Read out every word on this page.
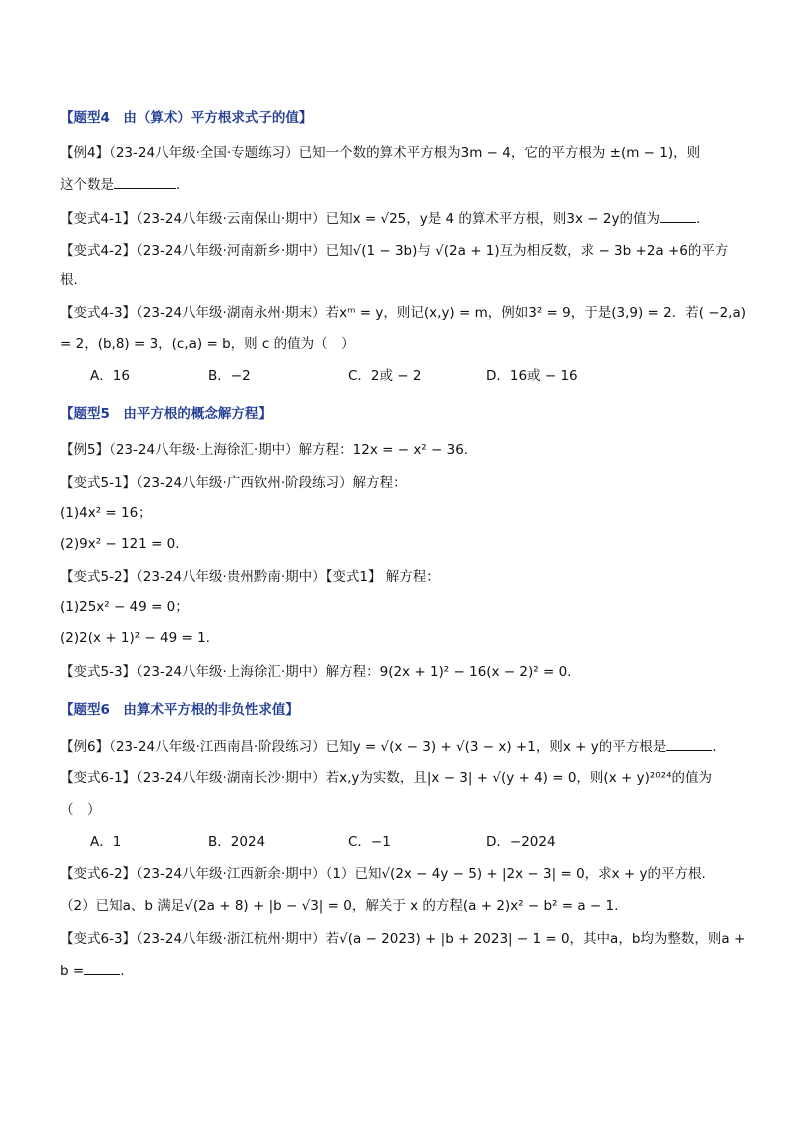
【题型4　由（算术）平方根求式子的值】
【例4】（23-24八年级·全国·专题练习）已知一个数的算术平方根为3m − 4，它的平方根为 ±(m − 1)，则
这个数是	.
【变式4-1】（23-24八年级·云南保山·期中）已知x = √25，y是 4 的算术平方根，则3x − 2y的值为	.
【变式4-2】（23-24八年级·河南新乡·期中）已知√(1 − 3b)与 √(2a + 1)互为相反数，求 − 3b +2a +6的平方
根.
【变式4-3】（23-24八年级·湖南永州·期末）若xᵐ = y，则记(x,y) = m，例如3² = 9，于是(3,9) = 2．若( −2,a)
= 2，(b,8) = 3，(c,a) = b，则 c 的值为（　）
A．16	B．−2	C．2或 − 2	D．16或 − 16
【题型5　由平方根的概念解方程】
【例5】（23-24八年级·上海徐汇·期中）解方程：12x = − x² − 36.
【变式5-1】（23-24八年级·广西钦州·阶段练习）解方程：
(1)4x² = 16；
(2)9x² − 121 = 0.
【变式5-2】（23-24八年级·贵州黔南·期中）【变式1】 解方程：
(1)25x² − 49 = 0；
(2)2(x + 1)² − 49 = 1.
【变式5-3】（23-24八年级·上海徐汇·期中）解方程：9(2x + 1)² − 16(x − 2)² = 0.
【题型6　由算术平方根的非负性求值】
【例6】（23-24八年级·江西南昌·阶段练习）已知y = √(x − 3) + √(3 − x) +1，则x + y的平方根是	.
【变式6-1】（23-24八年级·湖南长沙·期中）若x,y为实数，且|x − 3| + √(y + 4) = 0，则(x + y)²⁰²⁴的值为
（　）
A．1	B．2024	C．−1	D．−2024
【变式6-2】（23-24八年级·江西新余·期中）（1）已知√(2x − 4y − 5) + |2x − 3| = 0，求x + y的平方根.
（2）已知a、b 满足√(2a + 8) + |b − √3| = 0，解关于 x 的方程(a + 2)x² − b² = a − 1.
【变式6-3】（23-24八年级·浙江杭州·期中）若√(a − 2023) + |b + 2023| − 1 = 0，其中a，b均为整数，则a +
b =	.
